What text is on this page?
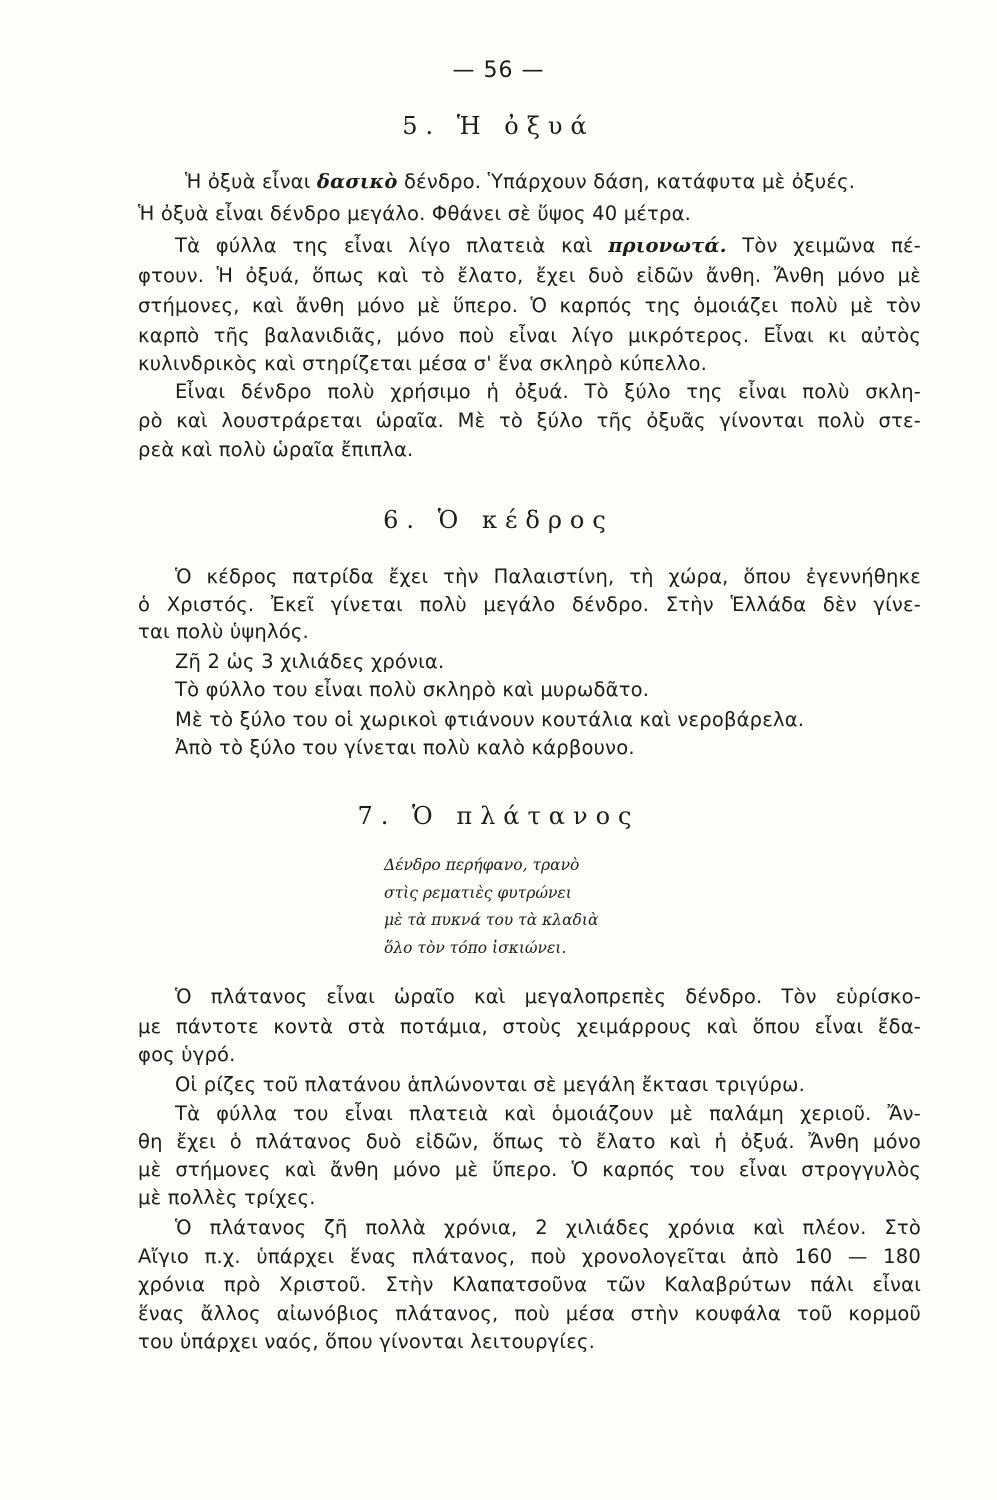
— 56 —
5. Ἡ ὀξυά
Ἡ ὀξυὰ εἶναι δασικὸ δένδρο. Ὑπάρχουν δάση, κατάφυτα μὲ ὀξυές.
Ἡ ὀξυὰ εἶναι δένδρο μεγάλο. Φθάνει σὲ ὕψος 40 μέτρα.
Τὰ φύλλα της εἶναι λίγο πλατειὰ καὶ πριονωτά. Τὸν χειμῶνα πέ-
φτουν. Ἡ ὀξυά, ὅπως καὶ τὸ ἔλατο, ἔχει δυὸ εἰδῶν ἄνθη. Ἄνθη μόνο μὲ
στήμονες, καὶ ἄνθη μόνο μὲ ὕπερο. Ὁ καρπός της ὁμοιάζει πολὺ μὲ τὸν
καρπὸ τῆς βαλανιδιᾶς, μόνο ποὺ εἶναι λίγο μικρότερος. Εἶναι κι αὐτὸς
κυλινδρικὸς καὶ στηρίζεται μέσα σ' ἕνα σκληρὸ κύπελλο.
Εἶναι δένδρο πολὺ χρήσιμο ἡ ὀξυά. Τὸ ξύλο της εἶναι πολὺ σκλη-
ρὸ καὶ λουστράρεται ὡραῖα. Μὲ τὸ ξύλο τῆς ὀξυᾶς γίνονται πολὺ στε-
ρεὰ καὶ πολὺ ὡραῖα ἔπιπλα.
6. Ὁ κέδρος
Ὁ κέδρος πατρίδα ἔχει τὴν Παλαιστίνη, τὴ χώρα, ὅπου ἐγεννήθηκε
ὁ Χριστός. Ἐκεῖ γίνεται πολὺ μεγάλο δένδρο. Στὴν Ἑλλάδα δὲν γίνε-
ται πολὺ ὑψηλός.
Ζῆ 2 ὡς 3 χιλιάδες χρόνια.
Τὸ φύλλο του εἶναι πολὺ σκληρὸ καὶ μυρωδᾶτο.
Μὲ τὸ ξύλο του οἱ χωρικοὶ φτιάνουν κουτάλια καὶ νεροβάρελα.
Ἀπὸ τὸ ξύλο του γίνεται πολὺ καλὸ κάρβουνο.
7. Ὁ πλάτανος
Δένδρο περήφανο, τρανὸ
στὶς ρεματιὲς φυτρώνει
μὲ τὰ πυκνά του τὰ κλαδιὰ
ὅλο τὸν τόπο ἰσκιώνει.
Ὁ πλάτανος εἶναι ὡραῖο καὶ μεγαλοπρεπὲς δένδρο. Τὸν εὑρίσκο-
με πάντοτε κοντὰ στὰ ποτάμια, στοὺς χειμάρρους καὶ ὅπου εἶναι ἔδα-
φος ὑγρό.
Οἱ ρίζες τοῦ πλατάνου ἁπλώνονται σὲ μεγάλη ἔκτασι τριγύρω.
Τὰ φύλλα του εἶναι πλατειὰ καὶ ὁμοιάζουν μὲ παλάμη χεριοῦ. Ἄν-
θη ἔχει ὁ πλάτανος δυὸ εἰδῶν, ὅπως τὸ ἔλατο καὶ ἡ ὀξυά. Ἄνθη μόνο
μὲ στήμονες καὶ ἄνθη μόνο μὲ ὕπερο. Ὁ καρπός του εἶναι στρογγυλὸς
μὲ πολλὲς τρίχες.
Ὁ πλάτανος ζῆ πολλὰ χρόνια, 2 χιλιάδες χρόνια καὶ πλέον. Στὸ
Αἴγιο π.χ. ὑπάρχει ἕνας πλάτανος, ποὺ χρονολογεῖται ἀπὸ 160 — 180
χρόνια πρὸ Χριστοῦ. Στὴν Κλαπατσοῦνα τῶν Καλαβρύτων πάλι εἶναι
ἕνας ἄλλος αἰωνόβιος πλάτανος, ποὺ μέσα στὴν κουφάλα τοῦ κορμοῦ
του ὑπάρχει ναός, ὅπου γίνονται λειτουργίες.
